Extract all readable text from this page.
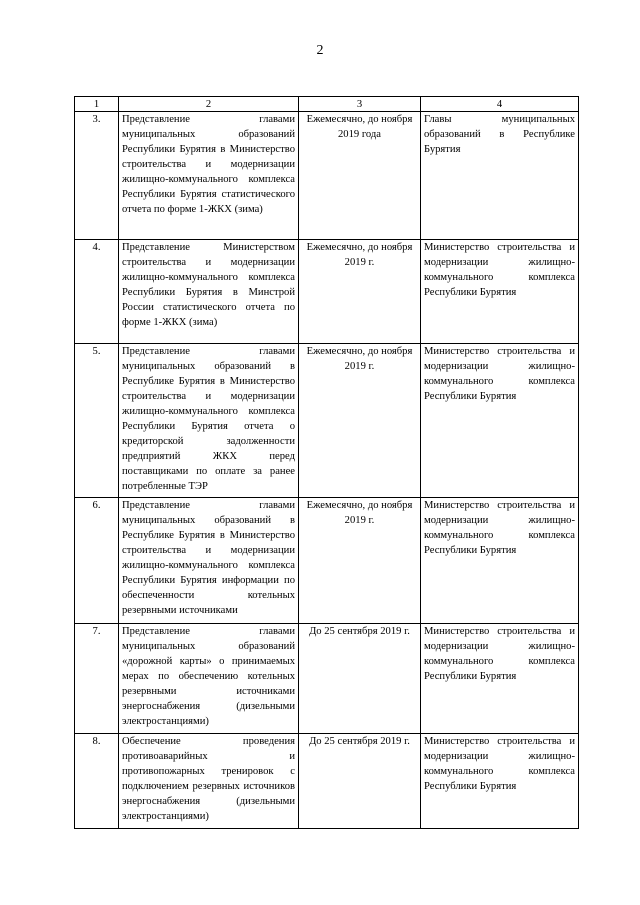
2
1	2	3	4
3.	Представление главами муниципальных образований Республики Бурятия в Министерство строительства и модернизации жилищно-коммунального комплекса Республики Бурятия статистического отчета по форме 1-ЖКХ (зима)	Ежемесячно, до ноября 2019 года	Главы муниципальных образований в Республике Бурятия
4.	Представление Министерством строительства и модернизации жилищно-коммунального комплекса Республики Бурятия в Минстрой России статистического отчета по форме 1-ЖКХ (зима)	Ежемесячно, до ноября 2019 г.	Министерство строительства и модернизации жилищно-коммунального комплекса Республики Бурятия
5.	Представление главами муниципальных образований в Республике Бурятия в Министерство строительства и модернизации жилищно-коммунального комплекса Республики Бурятия отчета о кредиторской задолженности предприятий ЖКХ перед поставщиками по оплате за ранее потребленные ТЭР	Ежемесячно, до ноября 2019 г.	Министерство строительства и модернизации жилищно-коммунального комплекса Республики Бурятия
6.	Представление главами муниципальных образований в Республике Бурятия в Министерство строительства и модернизации жилищно-коммунального комплекса Республики Бурятия информации по обеспеченности котельных резервными источниками	Ежемесячно, до ноября 2019 г.	Министерство строительства и модернизации жилищно-коммунального комплекса Республики Бурятия
7.	Представление главами муниципальных образований «дорожной карты» о принимаемых мерах по обеспечению котельных резервными источниками энергоснабжения (дизельными электростанциями)	До 25 сентября 2019 г.	Министерство строительства и модернизации жилищно-коммунального комплекса Республики Бурятия
8.	Обеспечение проведения противоаварийных и противопожарных тренировок с подключением резервных источников энергоснабжения (дизельными электростанциями)	До 25 сентября 2019 г.	Министерство строительства и модернизации жилищно-коммунального комплекса Республики Бурятия
